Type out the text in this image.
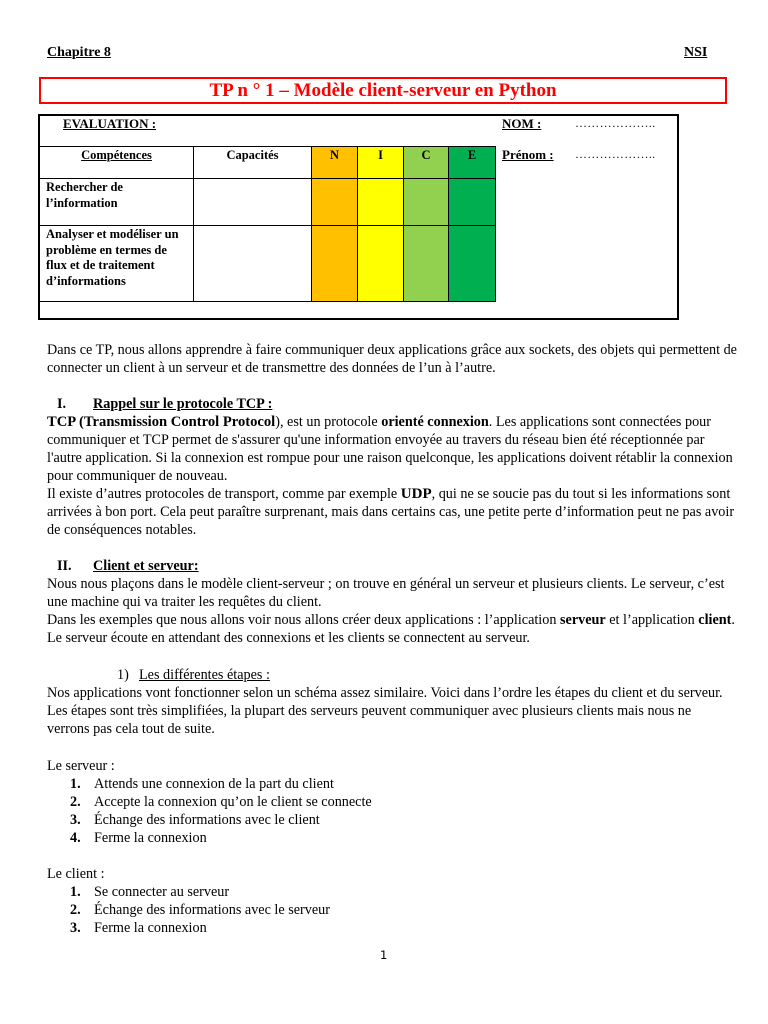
Chapitre 8	NSI
TP n ° 1 – Modèle client-serveur en Python
EVALUATION :	NOM :	………………..
Prénom : ………………..
Compétences	Capacités	N	I	C	E
Rechercher de l’information					
Analyser et modéliser un problème en termes de flux et de traitement d’informations					
Dans ce TP, nous allons apprendre à faire communiquer deux applications grâce aux sockets, des objets qui permettent de connecter un client à un serveur et de transmettre des données de l’un à l’autre.
I. Rappel sur le protocole TCP :
TCP (Transmission Control Protocol), est un protocole orienté connexion. Les applications sont connectées pour communiquer et TCP permet de s'assurer qu'une information envoyée au travers du réseau bien été réceptionnée par l'autre application. Si la connexion est rompue pour une raison quelconque, les applications doivent rétablir la connexion pour communiquer de nouveau.
Il existe d’autres protocoles de transport, comme par exemple UDP, qui ne se soucie pas du tout si les informations sont arrivées à bon port. Cela peut paraître surprenant, mais dans certains cas, une petite perte d’information peut ne pas avoir de conséquences notables.
II. Client et serveur:
Nous nous plaçons dans le modèle client-serveur ; on trouve en général un serveur et plusieurs clients. Le serveur, c’est une machine qui va traiter les requêtes du client.
Dans les exemples que nous allons voir nous allons créer deux applications : l’application serveur et l’application client. Le serveur écoute en attendant des connexions et les clients se connectent au serveur.
1) Les différentes étapes :
Nos applications vont fonctionner selon un schéma assez similaire. Voici dans l’ordre les étapes du client et du serveur. Les étapes sont très simplifiées, la plupart des serveurs peuvent communiquer avec plusieurs clients mais nous ne verrons pas cela tout de suite.
Le serveur :
1. Attends une connexion de la part du client
2. Accepte la connexion qu’on le client se connecte
3. Échange des informations avec le client
4. Ferme la connexion
Le client :
1. Se connecter au serveur
2. Échange des informations avec le serveur
3. Ferme la connexion
1
